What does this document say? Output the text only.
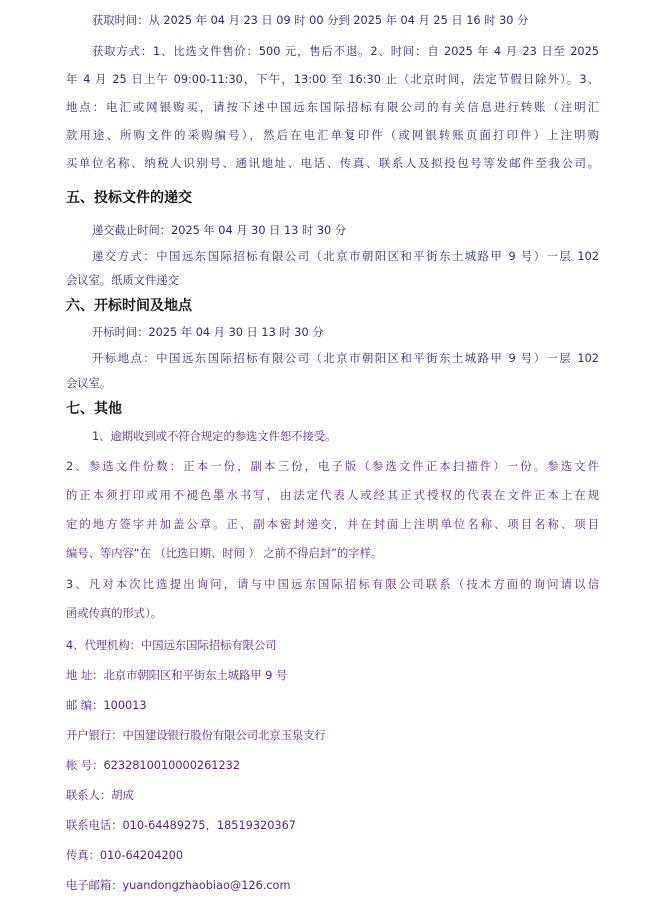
获取时间：从 2025 年 04 月 23 日 09 时 00 分到 2025 年 04 月 25 日 16 时 30 分
获取方式：1、比选文件售价：500 元，售后不退。2、时间：自 2025 年 4 月 23 日至 2025
年 4 月 25 日上午 09:00-11:30，下午，13:00 至 16:30 止（北京时间，法定节假日除外）。3、
地点：电汇或网银购买，请按下述中国远东国际招标有限公司的有关信息进行转账（注明汇
款用途、所购文件的采购编号），然后在电汇单复印件（或网银转账页面打印件）上注明购
买单位名称、纳税人识别号、通讯地址、电话、传真、联系人及拟投包号等发邮件至我公司。
五、投标文件的递交
递交截止时间：2025 年 04 月 30 日 13 时 30 分
递交方式：中国远东国际招标有限公司（北京市朝阳区和平街东土城路甲 9 号）一层 102
会议室。纸质文件递交
六、开标时间及地点
开标时间：2025 年 04 月 30 日 13 时 30 分
开标地点：中国远东国际招标有限公司（北京市朝阳区和平街东土城路甲 9 号）一层 102
会议室。
七、其他
1、逾期收到或不符合规定的参选文件恕不接受。
2、参选文件份数：正本一份，副本三份，电子版（参选文件正本扫描件）一份。参选文件
的正本须打印或用不褪色墨水书写，由法定代表人或经其正式授权的代表在文件正本上在规
定的地方签字并加盖公章。正、副本密封递交，并在封面上注明单位名称、项目名称、项目
编号、等内容“在 （比选日期、时间 ） 之前不得启封”的字样。
3、凡对本次比选提出询问，请与中国远东国际招标有限公司联系（技术方面的询问请以信
函或传真的形式）。
4、代理机构：中国远东国际招标有限公司
地 址：北京市朝阳区和平街东土城路甲 9 号
邮 编：100013
开户银行：中国建设银行股份有限公司北京玉泉支行
帐 号：6232810010000261232
联系人：胡成
联系电话：010-64489275，18519320367
传真：010-64204200
电子邮箱：yuandongzhaobiao@126.com
